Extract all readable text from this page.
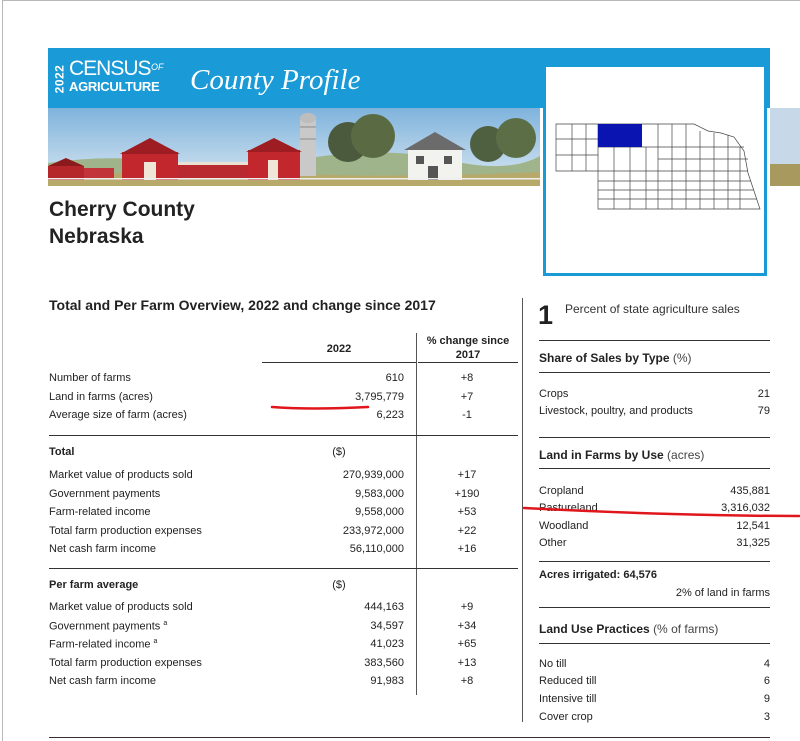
2022 CENSUS OF
AGRICULTURE County Profile
Cherry County
Nebraska
Total and Per Farm Overview, 2022 and change since 2017
2022
% change since 2017
Number of farms	610	+8
Land in farms (acres)	3,795,779	+7
Average size of farm (acres)	6,223	-1
Total	($)
Market value of products sold	270,939,000	+17
Government payments	9,583,000	+190
Farm-related income	9,558,000	+53
Total farm production expenses	233,972,000	+22
Net cash farm income	56,110,000	+16
Per farm average	($)
Market value of products sold	444,163	+9
Government payments $^a$	34,597	+34
Farm-related income $^a$	41,023	+65
Total farm production expenses	383,560	+13
Net cash farm income	91,983	+8
1 Percent of state agriculture sales
Share of Sales by Type (%)
Crops	21
Livestock, poultry, and products	79
Land in Farms by Use (acres)
Cropland	435,881
Pastureland	3,316,032
Woodland	12,541
Other	31,325
Acres irrigated: 64,576
2% of land in farms
Land Use Practices (% of farms)
No till	4
Reduced till	6
Intensive till	9
Cover crop	3
